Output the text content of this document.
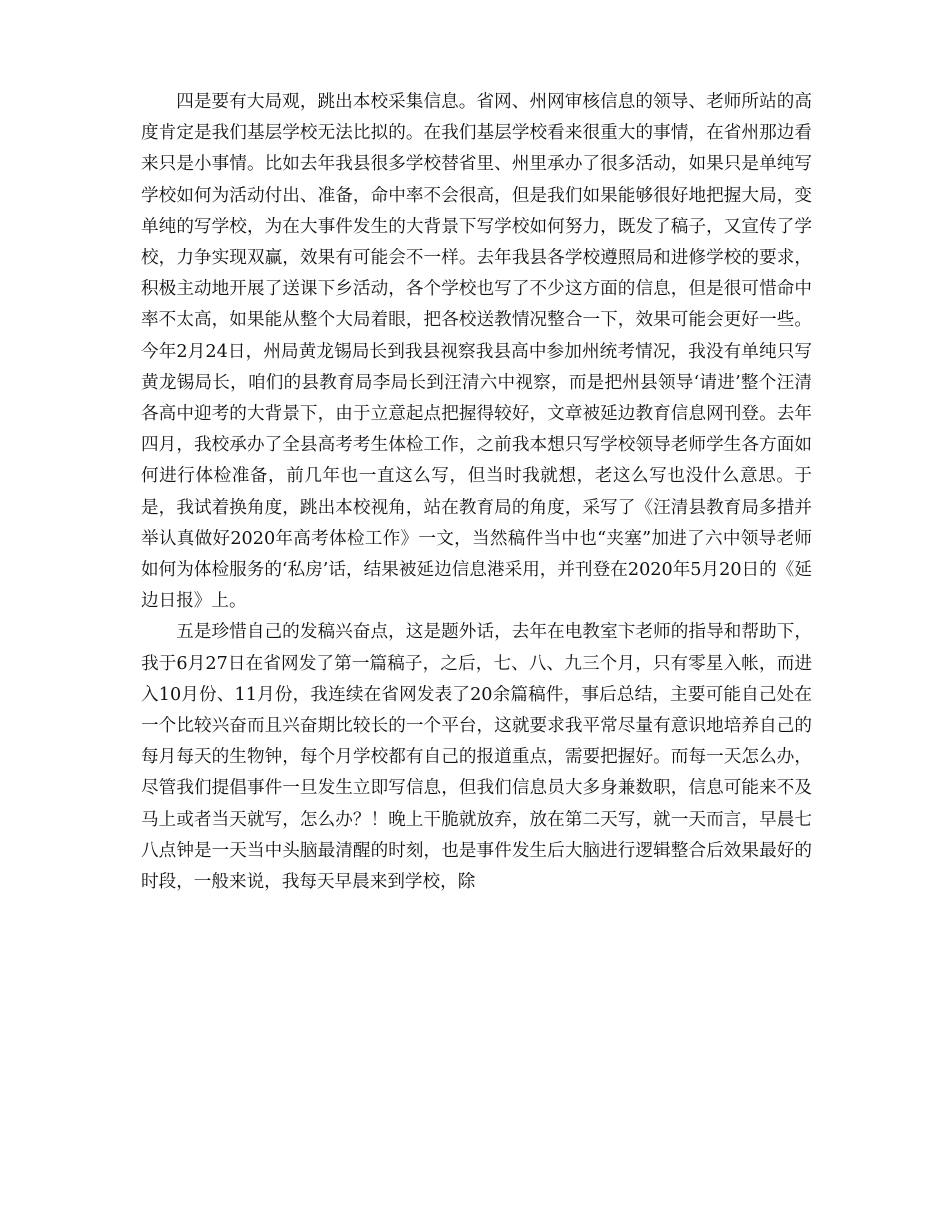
四是要有大局观，跳出本校采集信息。省网、州网审核信息的领导、老师所站的高度肯定是我们基层学校无法比拟的。在我们基层学校看来很重大的事情，在省州那边看来只是小事情。比如去年我县很多学校替省里、州里承办了很多活动，如果只是单纯写学校如何为活动付出、准备，命中率不会很高，但是我们如果能够很好地把握大局，变单纯的写学校，为在大事件发生的大背景下写学校如何努力，既发了稿子，又宣传了学校，力争实现双赢，效果有可能会不一样。去年我县各学校遵照局和进修学校的要求，积极主动地开展了送课下乡活动，各个学校也写了不少这方面的信息，但是很可惜命中率不太高，如果能从整个大局着眼，把各校送教情况整合一下，效果可能会更好一些。今年2月24日，州局黄龙锡局长到我县视察我县高中参加州统考情况，我没有单纯只写黄龙锡局长，咱们的县教育局李局长到汪清六中视察，而是把州县领导‘请进’整个汪清各高中迎考的大背景下，由于立意起点把握得较好，文章被延边教育信息网刊登。去年四月，我校承办了全县高考考生体检工作，之前我本想只写学校领导老师学生各方面如何进行体检准备，前几年也一直这么写，但当时我就想，老这么写也没什么意思。于是，我试着换角度，跳出本校视角，站在教育局的角度，采写了《汪清县教育局多措并举认真做好2020年高考体检工作》一文，当然稿件当中也“夹塞”加进了六中领导老师如何为体检服务的‘私房’话，结果被延边信息港采用，并刊登在2020年5月20日的《延边日报》上。

五是珍惜自己的发稿兴奋点，这是题外话，去年在电教室卞老师的指导和帮助下，我于6月27日在省网发了第一篇稿子，之后，七、八、九三个月，只有零星入帐，而进入10月份、11月份，我连续在省网发表了20余篇稿件，事后总结，主要可能自己处在一个比较兴奋而且兴奋期比较长的一个平台，这就要求我平常尽量有意识地培养自己的每月每天的生物钟，每个月学校都有自己的报道重点，需要把握好。而每一天怎么办，尽管我们提倡事件一旦发生立即写信息，但我们信息员大多身兼数职，信息可能来不及马上或者当天就写，怎么办？！晚上干脆就放弃，放在第二天写，就一天而言，早晨七八点钟是一天当中头脑最清醒的时刻，也是事件发生后大脑进行逻辑整合后效果最好的时段，一般来说，我每天早晨来到学校，除
